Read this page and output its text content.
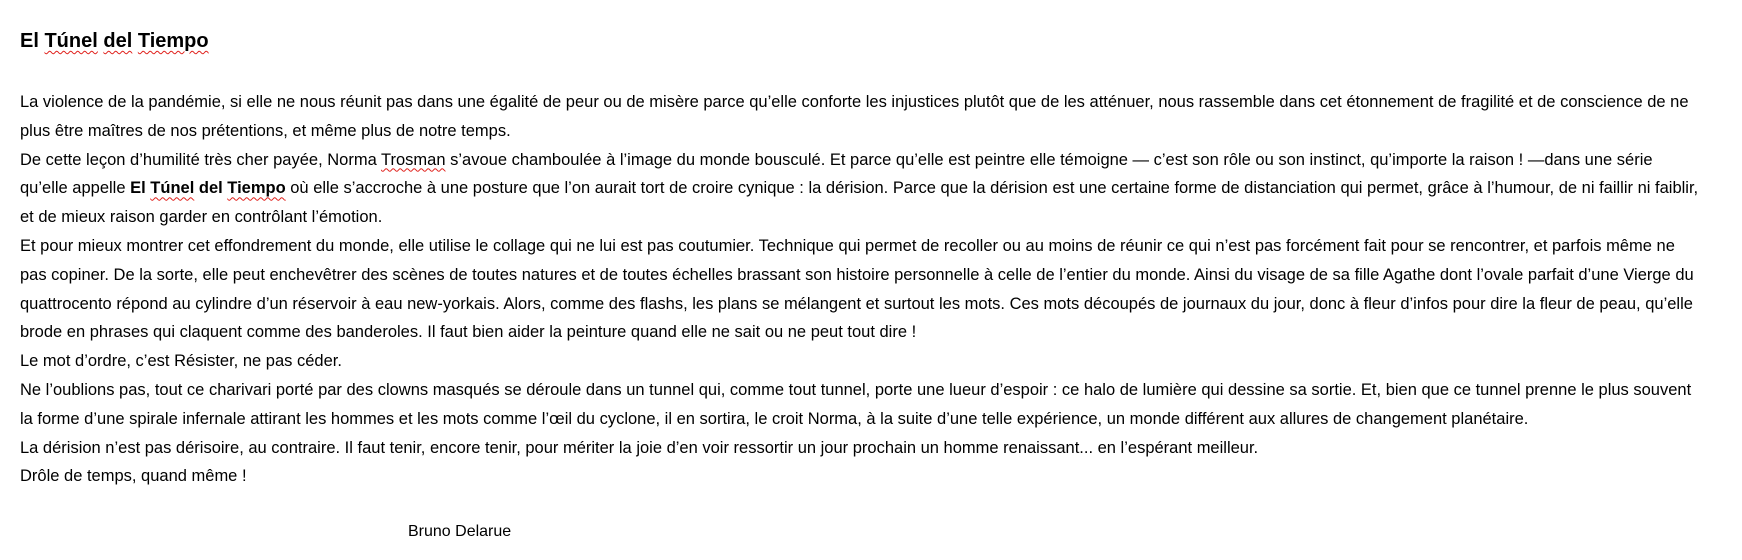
El Túnel del Tiempo

La violence de la pandémie, si elle ne nous réunit pas dans une égalité de peur ou de misère parce qu’elle conforte les injustices plutôt que de les atténuer, nous rassemble dans cet étonnement de fragilité et de conscience de ne plus être maîtres de nos prétentions, et même plus de notre temps.

De cette leçon d’humilité très cher payée, Norma Trosman s’avoue chamboulée à l’image du monde bousculé. Et parce qu’elle est peintre elle témoigne — c’est son rôle ou son instinct, qu’importe la raison ! —dans une série qu’elle appelle El Túnel del Tiempo où elle s’accroche à une posture que l’on aurait tort de croire cynique : la dérision. Parce que la dérision est une certaine forme de distanciation qui permet, grâce à l’humour, de ni faillir ni faiblir, et de mieux raison garder en contrôlant l’émotion.

Et pour mieux montrer cet effondrement du monde, elle utilise le collage qui ne lui est pas coutumier. Technique qui permet de recoller ou au moins de réunir ce qui n’est pas forcément fait pour se rencontrer, et parfois même ne pas copiner. De la sorte, elle peut enchevêtrer des scènes de toutes natures et de toutes échelles brassant son histoire personnelle à celle de l’entier du monde. Ainsi du visage de sa fille Agathe dont l’ovale parfait d’une Vierge du quattrocento répond au cylindre d’un réservoir à eau new-yorkais. Alors, comme des flashs, les plans se mélangent et surtout les mots. Ces mots découpés de journaux du jour, donc à fleur d’infos pour dire la fleur de peau, qu’elle brode en phrases qui claquent comme des banderoles. Il faut bien aider la peinture quand elle ne sait ou ne peut tout dire !

Le mot d’ordre, c’est Résister, ne pas céder.

Ne l’oublions pas, tout ce charivari porté par des clowns masqués se déroule dans un tunnel qui, comme tout tunnel, porte une lueur d’espoir : ce halo de lumière qui dessine sa sortie. Et, bien que ce tunnel prenne le plus souvent la forme d’une spirale infernale attirant les hommes et les mots comme l’œil du cyclone, il en sortira, le croit Norma, à la suite d’une telle expérience, un monde différent aux allures de changement planétaire.

La dérision n’est pas dérisoire, au contraire. Il faut tenir, encore tenir, pour mériter la joie d’en voir ressortir un jour prochain un homme renaissant... en l’espérant meilleur.

Drôle de temps, quand même !

Bruno Delarue
